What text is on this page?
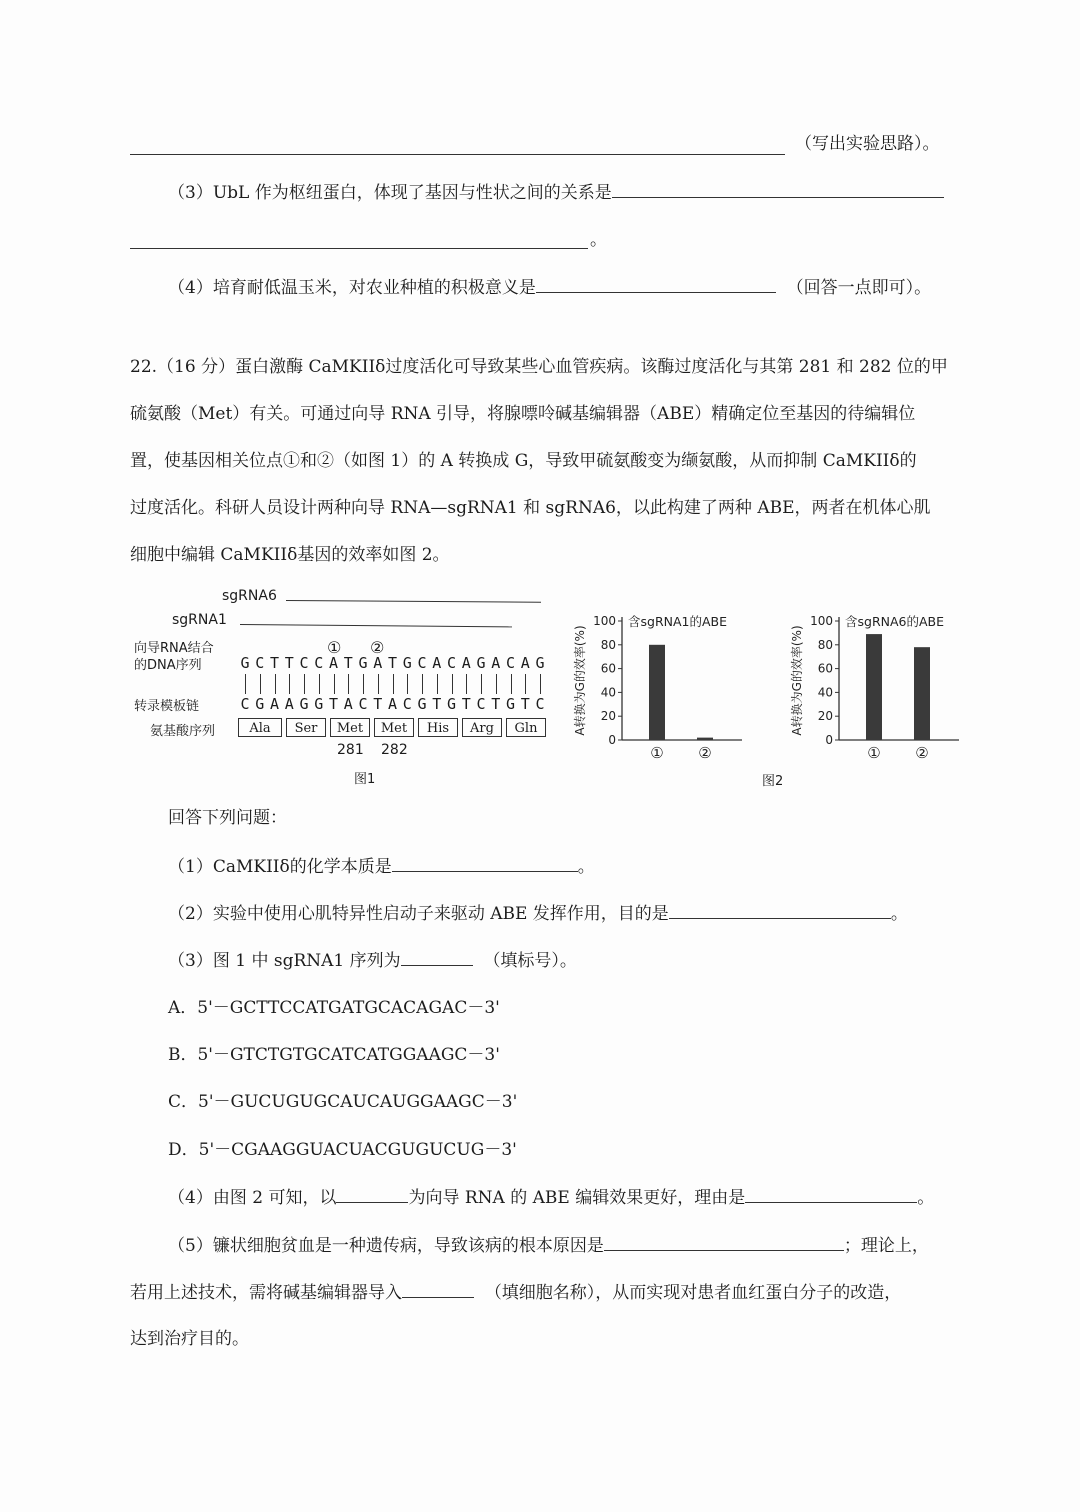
（写出实验思路）。
（3）UbL 作为枢纽蛋白，体现了基因与性状之间的关系是
。
（4）培育耐低温玉米，对农业种植的积极意义是	（回答一点即可）。
22.（16 分）蛋白激酶 CaMKIIδ过度活化可导致某些心血管疾病。该酶过度活化与其第 281 和 282 位的甲
硫氨酸（Met）有关。可通过向导 RNA 引导，将腺嘌呤碱基编辑器（ABE）精确定位至基因的待编辑位
置，使基因相关位点①和②（如图 1）的 A 转换成 G，导致甲硫氨酸变为缬氨酸，从而抑制 CaMKIIδ的
过度活化。科研人员设计两种向导 RNA—sgRNA1 和 sgRNA6，以此构建了两种 ABE，两者在机体心肌
细胞中编辑 CaMKIIδ基因的效率如图 2。
sgRNA6
sgRNA1
① ②
向导RNA结合
的DNA序列
转录模板链
氨基酸序列
G C T T C C A T G A T G C A C A G A C A G
C G A A G G T A C T A C G T G T C T G T C
Ala	Ser	Met	Met	His	Arg	Gln
281 282
图1
0
20
40
60
80
100 含sgRNA1的ABE
A转换为G的效率(%)
① ②
0
20
40
60
80
100 含sgRNA6的ABE
A转换为G的效率(%)
① ②
图2
回答下列问题：
（1）CaMKIIδ的化学本质是	。
（2）实验中使用心肌特异性启动子来驱动 ABE 发挥作用，目的是	。
（3）图 1 中 sgRNA1 序列为	（填标号）。
A．5'－GCTTCCATGATGCACAGAC－3'
B．5'－GTCTGTGCATCATGGAAGC－3'
C．5'－GUCUGUGCAUCAUGGAAGC－3'
D．5'－CGAAGGUACUACGUGUCUG－3'
（4）由图 2 可知，以	为向导 RNA 的 ABE 编辑效果更好，理由是	。
（5）镰状细胞贫血是一种遗传病，导致该病的根本原因是	；理论上，
若用上述技术，需将碱基编辑器导入	（填细胞名称），从而实现对患者血红蛋白分子的改造，
达到治疗目的。
